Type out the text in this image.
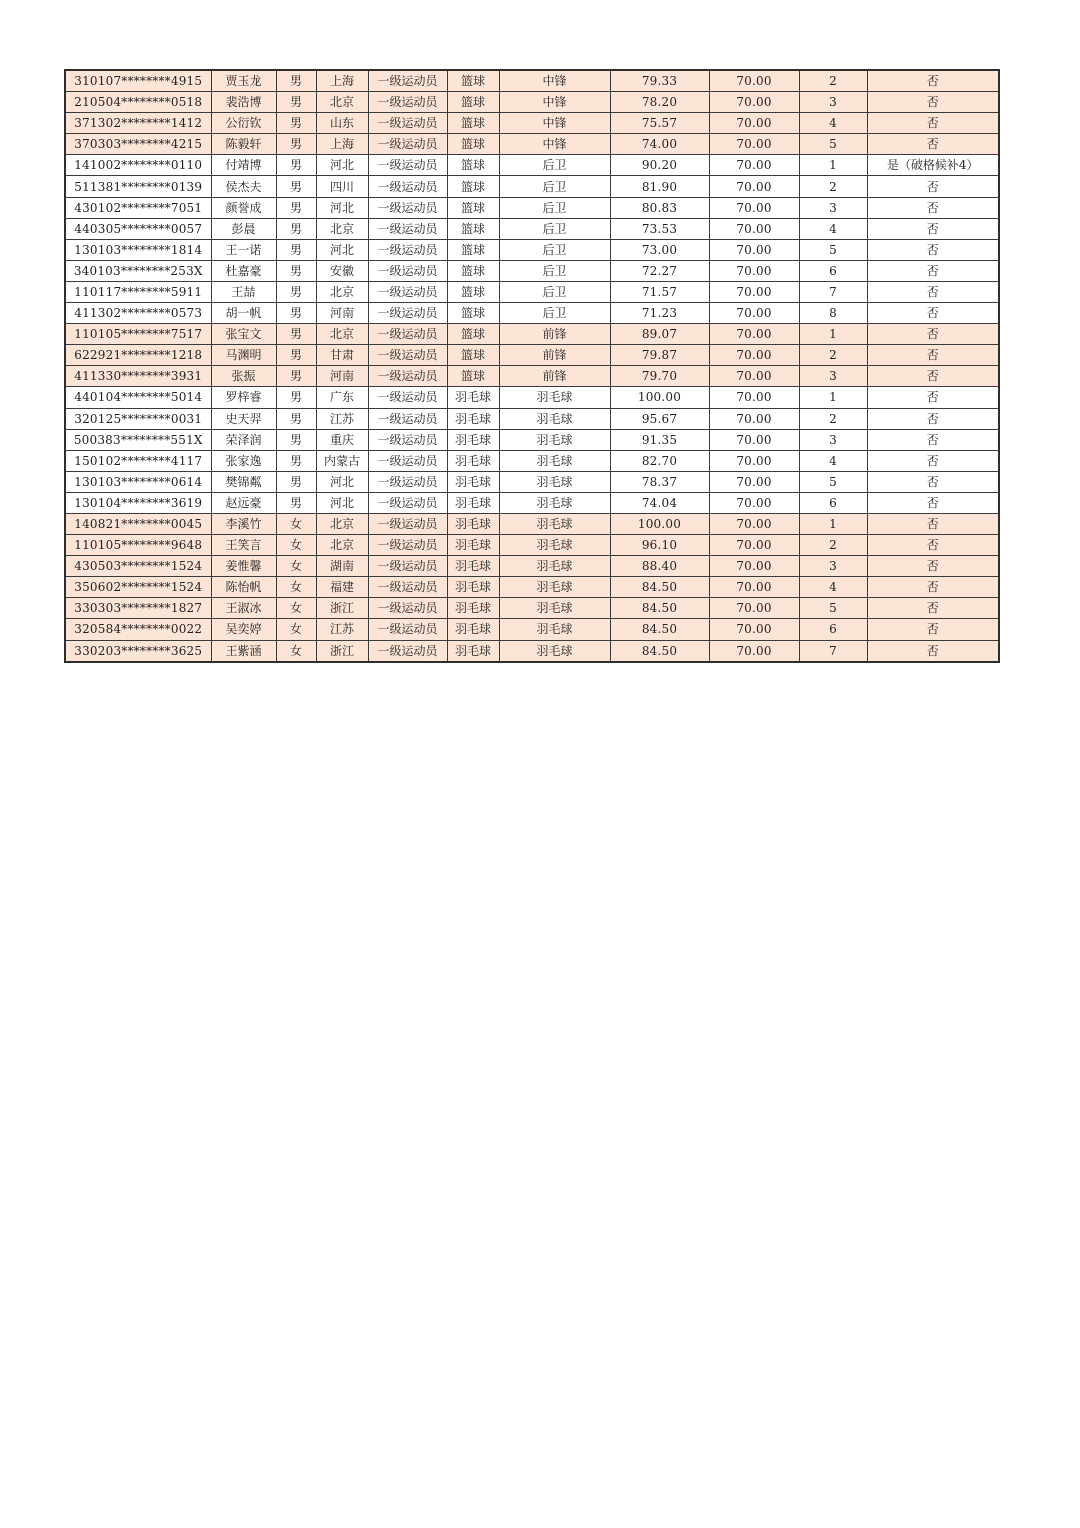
310107********4915	贾玉龙	男	上海	一级运动员	篮球	中锋	79.33	70.00	2	否
210504********0518	裴浩博	男	北京	一级运动员	篮球	中锋	78.20	70.00	3	否
371302********1412	公衍钦	男	山东	一级运动员	篮球	中锋	75.57	70.00	4	否
370303********4215	陈毅轩	男	上海	一级运动员	篮球	中锋	74.00	70.00	5	否
141002********0110	付靖博	男	河北	一级运动员	篮球	后卫	90.20	70.00	1	是（破格候补4）
511381********0139	侯杰夫	男	四川	一级运动员	篮球	后卫	81.90	70.00	2	否
430102********7051	颜誉成	男	河北	一级运动员	篮球	后卫	80.83	70.00	3	否
440305********0057	彭晨	男	北京	一级运动员	篮球	后卫	73.53	70.00	4	否
130103********1814	王一诺	男	河北	一级运动员	篮球	后卫	73.00	70.00	5	否
340103********253X	杜嘉豪	男	安徽	一级运动员	篮球	后卫	72.27	70.00	6	否
110117********5911	王喆	男	北京	一级运动员	篮球	后卫	71.57	70.00	7	否
411302********0573	胡一帆	男	河南	一级运动员	篮球	后卫	71.23	70.00	8	否
110105********7517	张宝文	男	北京	一级运动员	篮球	前锋	89.07	70.00	1	否
622921********1218	马渊明	男	甘肃	一级运动员	篮球	前锋	79.87	70.00	2	否
411330********3931	张振	男	河南	一级运动员	篮球	前锋	79.70	70.00	3	否
440104********5014	罗梓睿	男	广东	一级运动员	羽毛球	羽毛球	100.00	70.00	1	否
320125********0031	史天羿	男	江苏	一级运动员	羽毛球	羽毛球	95.67	70.00	2	否
500383********551X	荣泽润	男	重庆	一级运动员	羽毛球	羽毛球	91.35	70.00	3	否
150102********4117	张家逸	男	内蒙古	一级运动员	羽毛球	羽毛球	82.70	70.00	4	否
130103********0614	樊锦粼	男	河北	一级运动员	羽毛球	羽毛球	78.37	70.00	5	否
130104********3619	赵远豪	男	河北	一级运动员	羽毛球	羽毛球	74.04	70.00	6	否
140821********0045	李溪竹	女	北京	一级运动员	羽毛球	羽毛球	100.00	70.00	1	否
110105********9648	王笑言	女	北京	一级运动员	羽毛球	羽毛球	96.10	70.00	2	否
430503********1524	姜惟馨	女	湖南	一级运动员	羽毛球	羽毛球	88.40	70.00	3	否
350602********1524	陈怡帆	女	福建	一级运动员	羽毛球	羽毛球	84.50	70.00	4	否
330303********1827	王淑冰	女	浙江	一级运动员	羽毛球	羽毛球	84.50	70.00	5	否
320584********0022	吴奕婷	女	江苏	一级运动员	羽毛球	羽毛球	84.50	70.00	6	否
330203********3625	王紫涵	女	浙江	一级运动员	羽毛球	羽毛球	84.50	70.00	7	否
